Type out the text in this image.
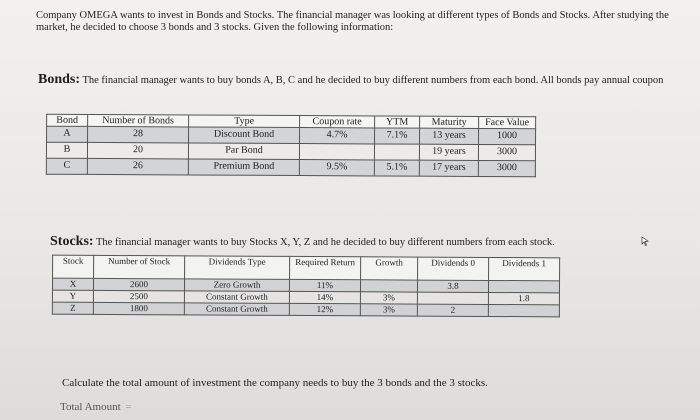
Company OMEGA wants to invest in Bonds and Stocks. The financial manager was looking at different types of Bonds and Stocks. After studying the market, he decided to choose 3 bonds and 3 stocks. Given the following information:
Bonds: The financial manager wants to buy bonds A, B, C and he decided to buy different numbers from each bond. All bonds pay annual coupon
Bond	Number of Bonds	Type	Coupon rate	YTM	Maturity	Face Value
A	28	Discount Bond	4.7%	7.1%	13 years	1000
B	20	Par Bond			19 years	3000
C	26	Premium Bond	9.5%	5.1%	17 years	3000
Stocks: The financial manager wants to buy Stocks X, Y, Z and he decided to buy different numbers from each stock.
Stock	Number of Stock	Dividends Type	Required Return	Growth	Dividends 0	Dividends 1
X	2600	Zero Growth	11%		3.8	
Y	2500	Constant Growth	14%	3%		1.8
Z	1800	Constant Growth	12%	3%	2	
Calculate the total amount of investment the company needs to buy the 3 bonds and the 3 stocks.
Total Amount =
